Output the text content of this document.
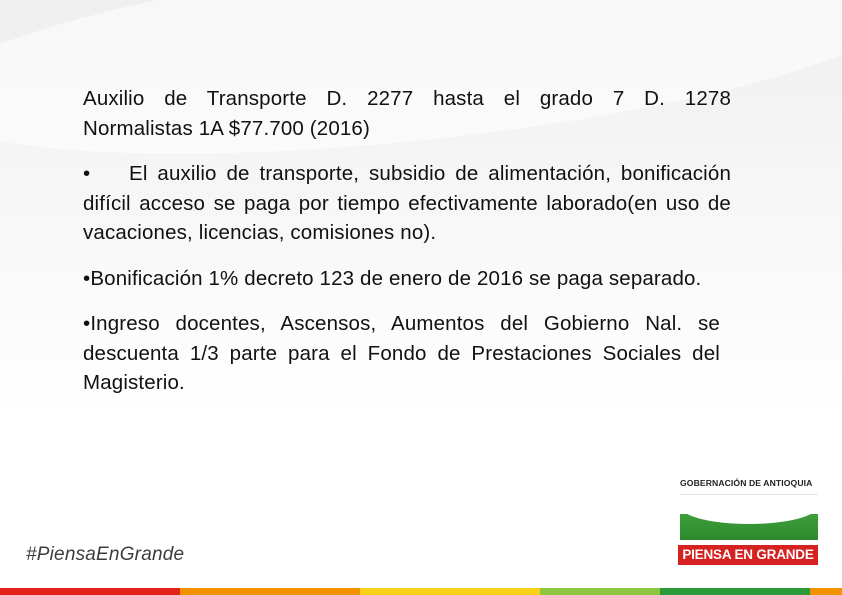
Auxilio de Transporte D. 2277 hasta el grado 7 D. 1278
Normalistas 1A $77.700 (2016)

• El auxilio de transporte, subsidio de alimentación, bonificación difícil acceso se paga por tiempo efectivamente laborado(en uso de vacaciones, licencias, comisiones no).

•Bonificación 1% decreto 123 de enero de 2016 se paga separado.

•Ingreso docentes, Ascensos, Aumentos del Gobierno Nal. se descuenta 1/3 parte para el Fondo de Prestaciones Sociales del Magisterio.

GOBERNACIÓN DE ANTIOQUIA
PIENSA EN GRANDE
#PiensaEnGrande
